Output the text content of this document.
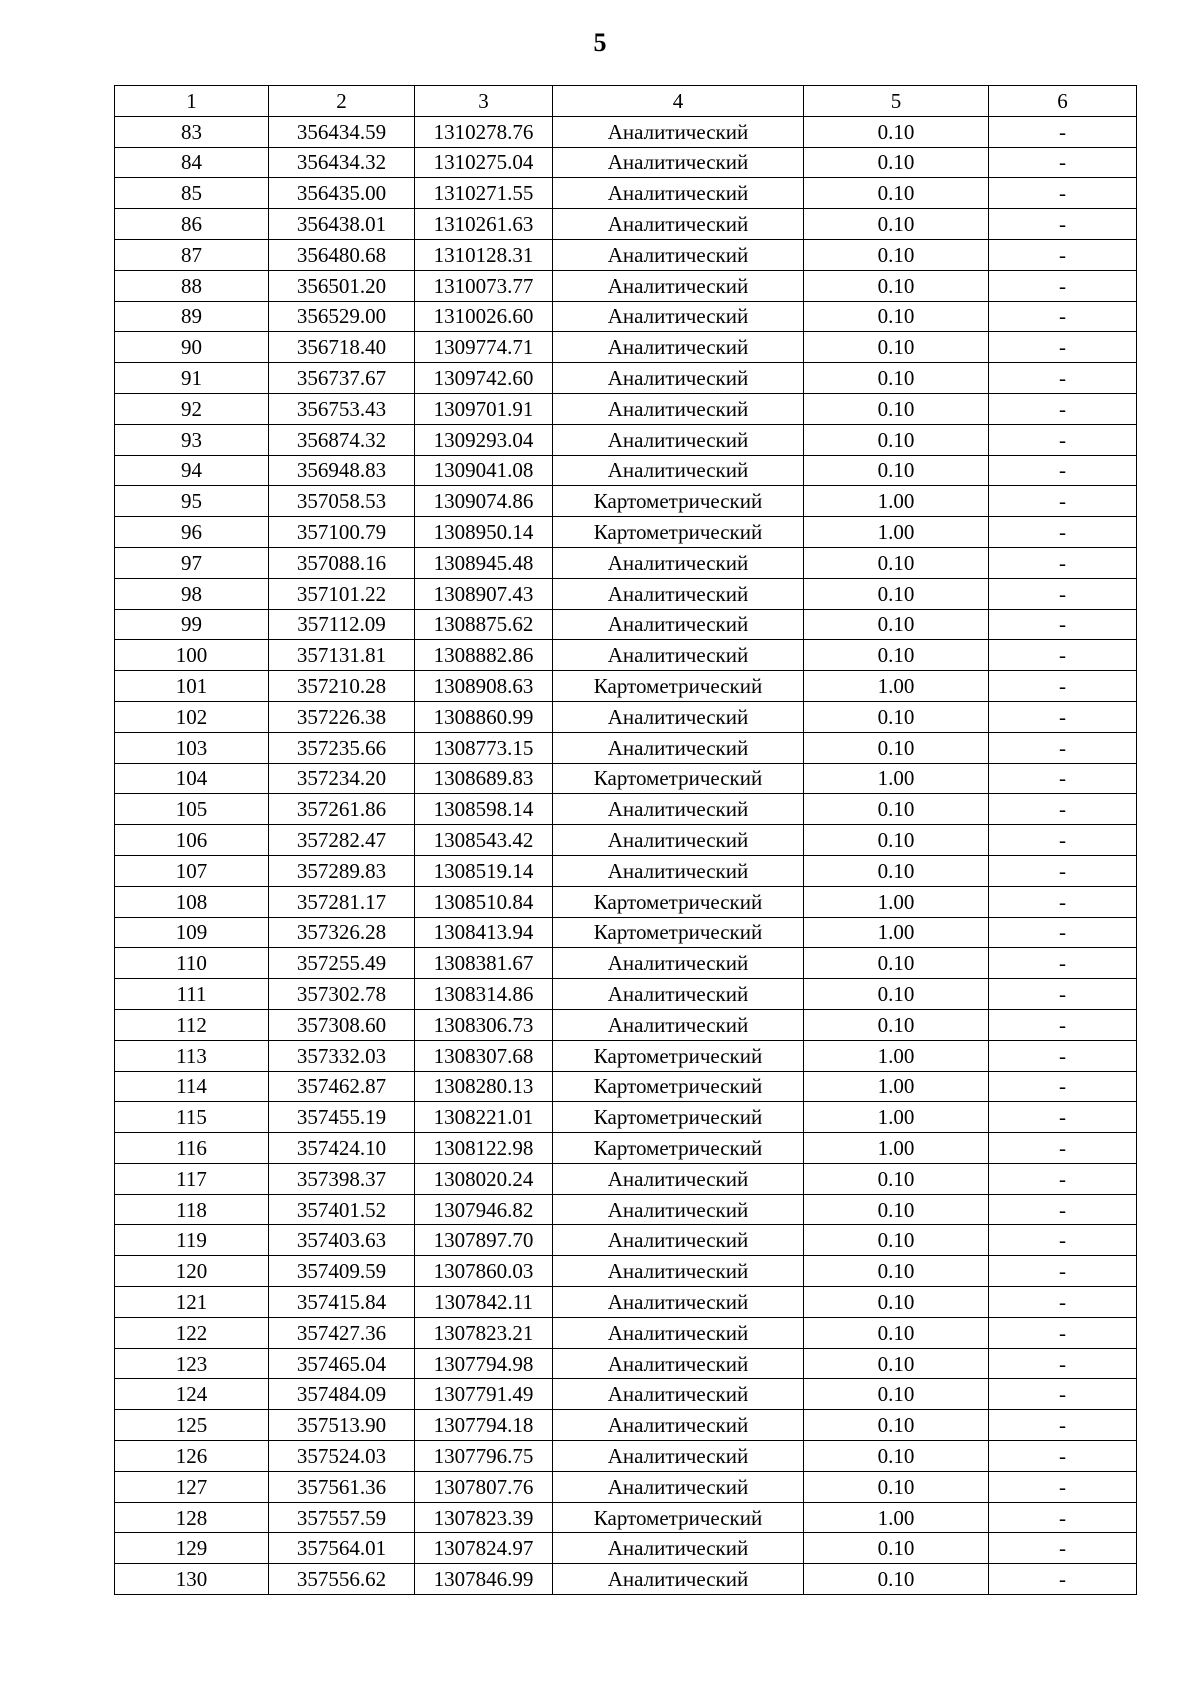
5
1	2	3	4	5	6
83	356434.59	1310278.76	Аналитический	0.10	-
84	356434.32	1310275.04	Аналитический	0.10	-
85	356435.00	1310271.55	Аналитический	0.10	-
86	356438.01	1310261.63	Аналитический	0.10	-
87	356480.68	1310128.31	Аналитический	0.10	-
88	356501.20	1310073.77	Аналитический	0.10	-
89	356529.00	1310026.60	Аналитический	0.10	-
90	356718.40	1309774.71	Аналитический	0.10	-
91	356737.67	1309742.60	Аналитический	0.10	-
92	356753.43	1309701.91	Аналитический	0.10	-
93	356874.32	1309293.04	Аналитический	0.10	-
94	356948.83	1309041.08	Аналитический	0.10	-
95	357058.53	1309074.86	Картометрический	1.00	-
96	357100.79	1308950.14	Картометрический	1.00	-
97	357088.16	1308945.48	Аналитический	0.10	-
98	357101.22	1308907.43	Аналитический	0.10	-
99	357112.09	1308875.62	Аналитический	0.10	-
100	357131.81	1308882.86	Аналитический	0.10	-
101	357210.28	1308908.63	Картометрический	1.00	-
102	357226.38	1308860.99	Аналитический	0.10	-
103	357235.66	1308773.15	Аналитический	0.10	-
104	357234.20	1308689.83	Картометрический	1.00	-
105	357261.86	1308598.14	Аналитический	0.10	-
106	357282.47	1308543.42	Аналитический	0.10	-
107	357289.83	1308519.14	Аналитический	0.10	-
108	357281.17	1308510.84	Картометрический	1.00	-
109	357326.28	1308413.94	Картометрический	1.00	-
110	357255.49	1308381.67	Аналитический	0.10	-
111	357302.78	1308314.86	Аналитический	0.10	-
112	357308.60	1308306.73	Аналитический	0.10	-
113	357332.03	1308307.68	Картометрический	1.00	-
114	357462.87	1308280.13	Картометрический	1.00	-
115	357455.19	1308221.01	Картометрический	1.00	-
116	357424.10	1308122.98	Картометрический	1.00	-
117	357398.37	1308020.24	Аналитический	0.10	-
118	357401.52	1307946.82	Аналитический	0.10	-
119	357403.63	1307897.70	Аналитический	0.10	-
120	357409.59	1307860.03	Аналитический	0.10	-
121	357415.84	1307842.11	Аналитический	0.10	-
122	357427.36	1307823.21	Аналитический	0.10	-
123	357465.04	1307794.98	Аналитический	0.10	-
124	357484.09	1307791.49	Аналитический	0.10	-
125	357513.90	1307794.18	Аналитический	0.10	-
126	357524.03	1307796.75	Аналитический	0.10	-
127	357561.36	1307807.76	Аналитический	0.10	-
128	357557.59	1307823.39	Картометрический	1.00	-
129	357564.01	1307824.97	Аналитический	0.10	-
130	357556.62	1307846.99	Аналитический	0.10	-
